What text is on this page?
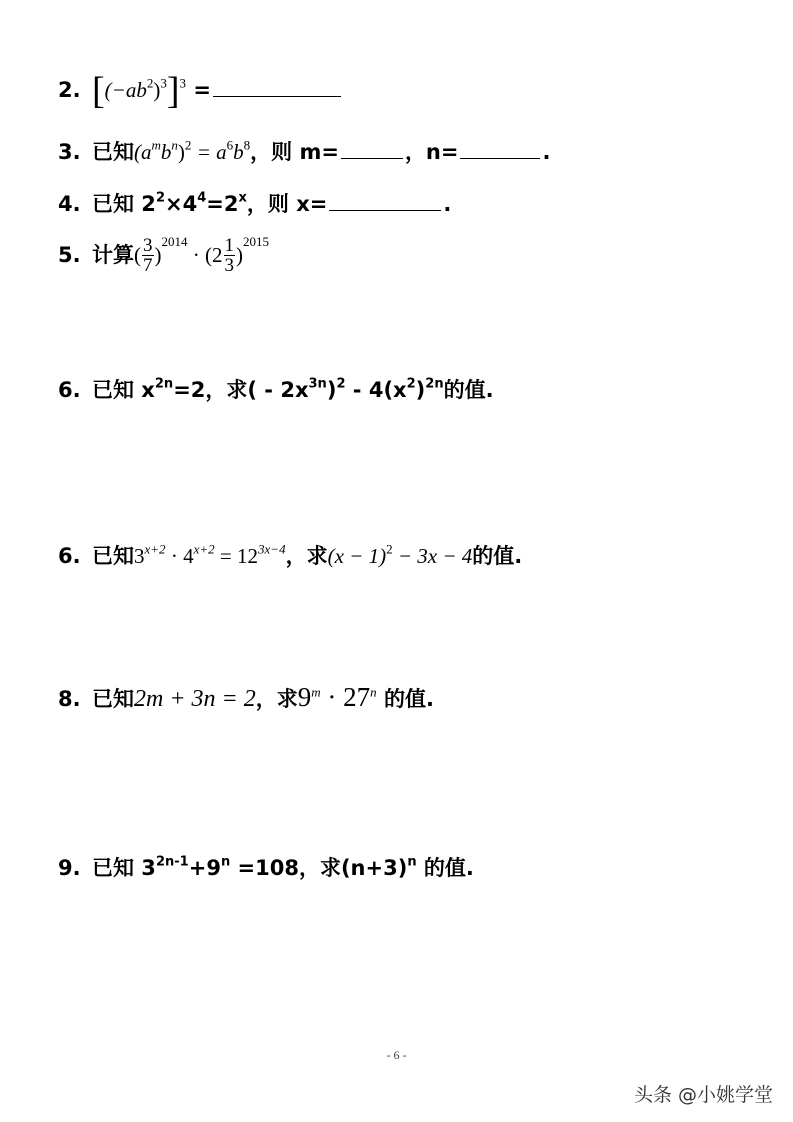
2. $[(-ab^2)^3]^3$ =
3. 已知$(a^mb^n)^2 = a^6b^8$，则 m=	，n=	.
4. 已知 $2^2\times 4^4=2^x$，则 x=	.
5. 计算( $\frac{3}{7} )^{2014} \cdot (2 \frac{1}{3} )^{2015}$
6. 已知 $x^{2n}=2$，求( - $2x^{3n})^2 - 4(x^2)^{2n}$的值.
6. 已知$3^{x+2} \cdot 4^{x+2} = 12^{3x-4}$，求$(x - 1)^2 - 3x - 4$的值.
8. 已知2m + 3n = 2，求$9^m \cdot 27^n$ 的值.
9. 已知 $3^{2n-1}+9^n =108$，求$(n+3)^n$ 的值.
- 6 -
头条 @小姚学堂
